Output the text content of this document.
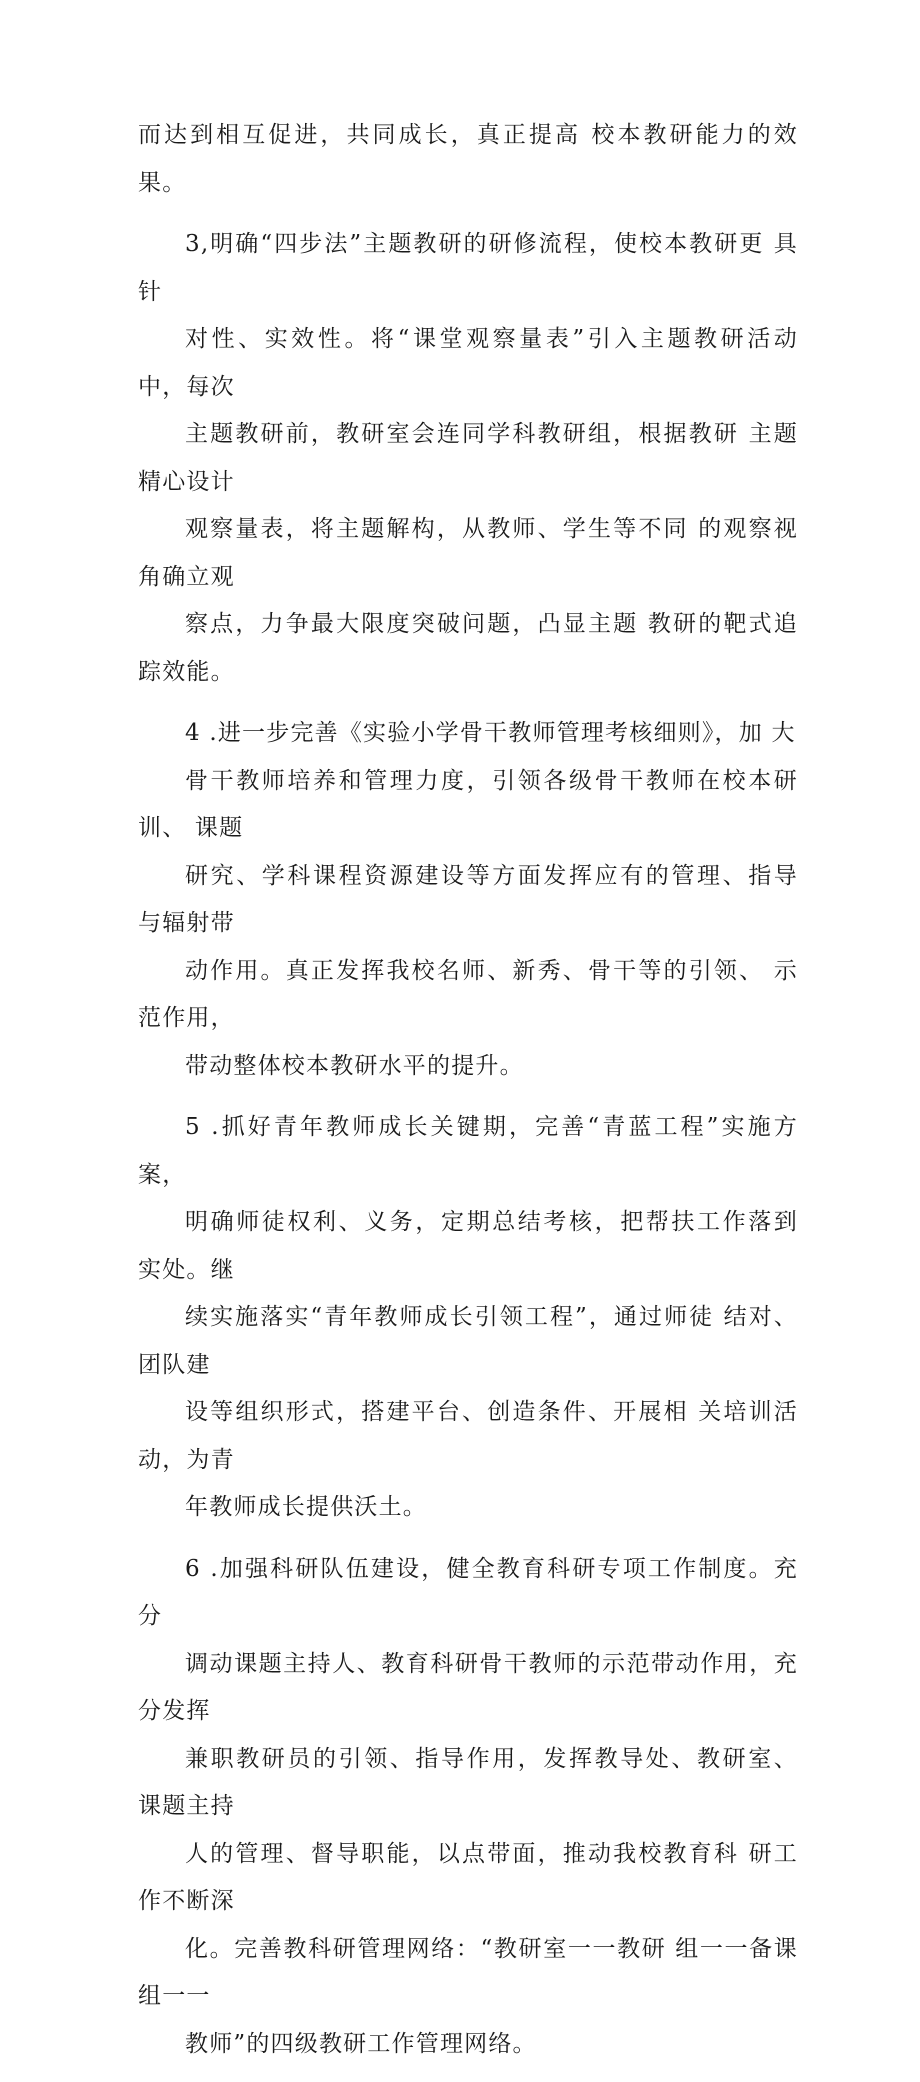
而达到相互促进，共同成长，真正提高 校本教研能力的效果。

3,明确“四步法”主题教研的研修流程，使校本教研更 具针
对性、实效性。将“课堂观察量表”引入主题教研活动 中，每次
主题教研前，教研室会连同学科教研组，根据教研 主题精心设计
观察量表，将主题解构，从教师、学生等不同 的观察视角确立观
察点，力争最大限度突破问题，凸显主题 教研的靶式追踪效能。

4 .进一步完善《实验小学骨干教师管理考核细则》，加 大
骨干教师培养和管理力度，引领各级骨干教师在校本研训、 课题
研究、学科课程资源建设等方面发挥应有的管理、指导 与辐射带
动作用。真正发挥我校名师、新秀、骨干等的引领、 示范作用，
带动整体校本教研水平的提升。

5 .抓好青年教师成长关键期，完善“青蓝工程”实施方 案，
明确师徒权利、义务，定期总结考核，把帮扶工作落到 实处。继
续实施落实“青年教师成长引领工程”，通过师徒 结对、团队建
设等组织形式，搭建平台、创造条件、开展相 关培训活动，为青
年教师成长提供沃土。

6 .加强科研队伍建设，健全教育科研专项工作制度。充 分
调动课题主持人、教育科研骨干教师的示范带动作用，充 分发挥
兼职教研员的引领、指导作用，发挥教导处、教研室、 课题主持
人的管理、督导职能，以点带面，推动我校教育科 研工作不断深
化。完善教科研管理网络：“教研室一一教研 组一一备课组一一
教师”的四级教研工作管理网络。
